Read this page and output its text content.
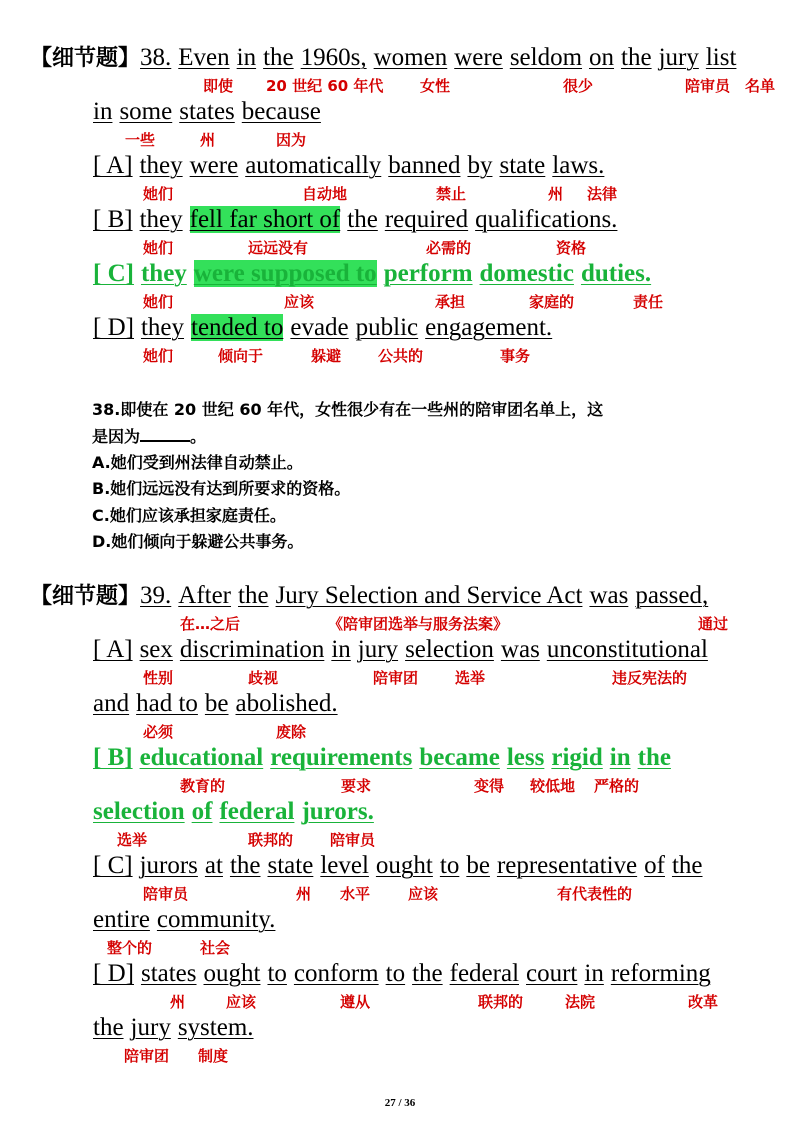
【细节题】38. Even in the 1960s, women were seldom on the jury list
即使 20 世纪 60 年代 女性	很少	陪审员 名单
in some states because
一些	州	因为
[ A] they were automatically banned by state laws.
她们	自动地	禁止	州 法律
[ B] they fell far short of the required qualifications.
她们	远远没有	必需的	资格
[ C] they were supposed to perform domestic duties.
她们	应该	承担	家庭的	责任
[ D] they tended to evade public engagement.
她们	倾向于	躲避 公共的	事务
38.即使在 20 世纪 60 年代，女性很少有在一些州的陪审团名单上，这
是因为	。
A.她们受到州法律自动禁止。
B.她们远远没有达到所要求的资格。
C.她们应该承担家庭责任。
D.她们倾向于躲避公共事务。
【细节题】39. After the Jury Selection and Service Act was passed,
在…之后	《陪审团选举与服务法案》	通过
[ A] sex discrimination in jury selection was unconstitutional
性别	歧视	陪审团 选举	违反宪法的
and had to be abolished.
必须	废除
[ B] educational requirements became less rigid in the
教育的	要求	变得 较低地 严格的
selection of federal jurors.
选举	联邦的 陪审员
[ C] jurors at the state level ought to be representative of the
陪审员	州 水平	应该	有代表性的
entire community.
整个的	社会
[ D] states ought to conform to the federal court in reforming
州	应该	遵从	联邦的	法院	改革
the jury system.
陪审团 制度
27 / 36
